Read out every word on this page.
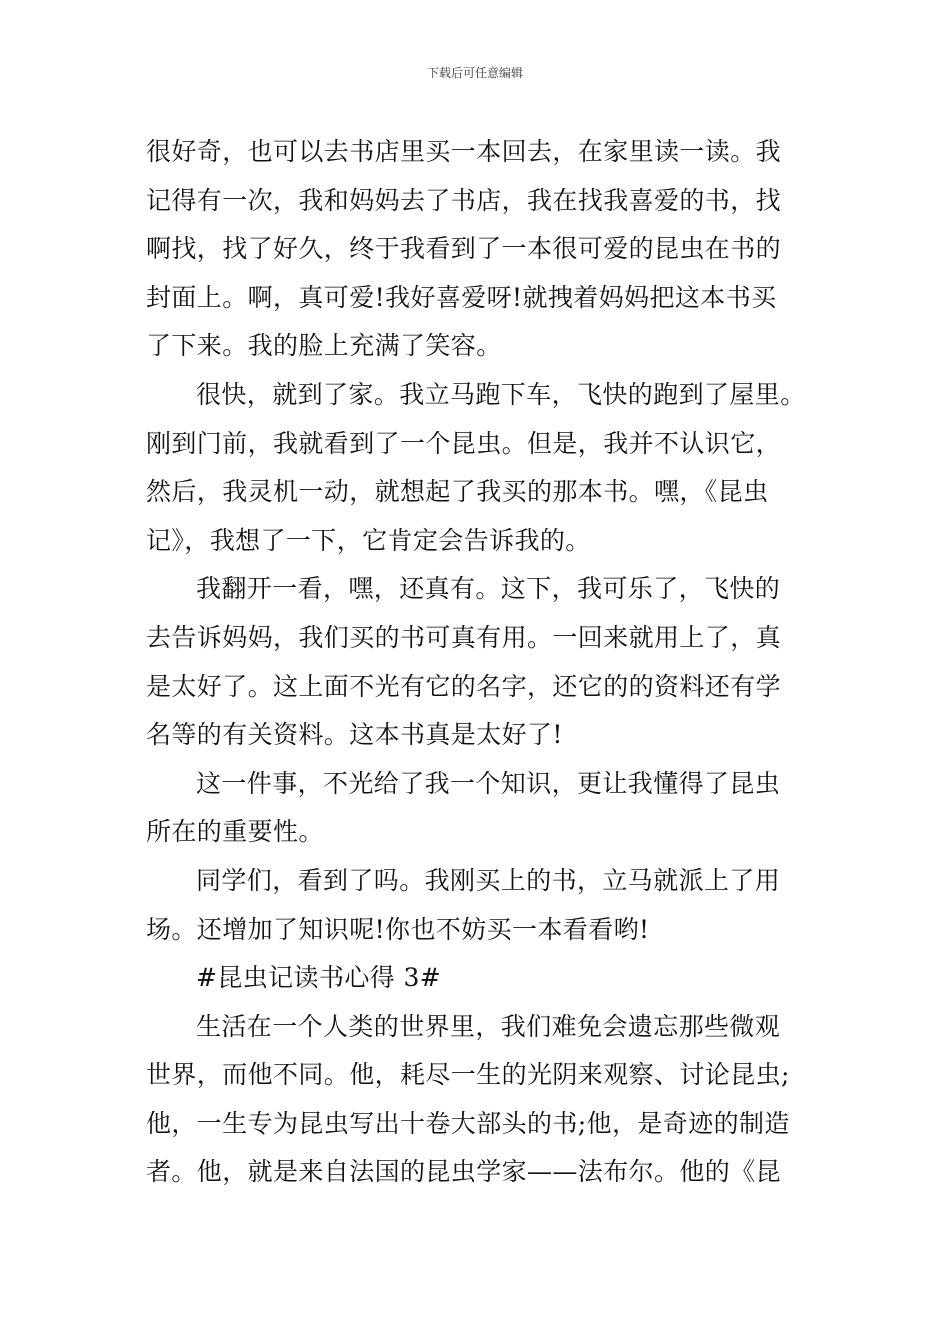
下载后可任意编辑

很好奇，也可以去书店里买一本回去，在家里读一读。我
记得有一次，我和妈妈去了书店，我在找我喜爱的书，找
啊找，找了好久，终于我看到了一本很可爱的昆虫在书的
封面上。啊，真可爱!我好喜爱呀!就拽着妈妈把这本书买
了下来。我的脸上充满了笑容。

很快，就到了家。我立马跑下车，飞快的跑到了屋里。
刚到门前，我就看到了一个昆虫。但是，我并不认识它，
然后，我灵机一动，就想起了我买的那本书。嘿，《昆虫
记》，我想了一下，它肯定会告诉我的。

我翻开一看，嘿，还真有。这下，我可乐了，飞快的
去告诉妈妈，我们买的书可真有用。一回来就用上了，真
是太好了。这上面不光有它的名字，还它的的资料还有学
名等的有关资料。这本书真是太好了!

这一件事，不光给了我一个知识，更让我懂得了昆虫
所在的重要性。

同学们，看到了吗。我刚买上的书，立马就派上了用
场。还增加了知识呢!你也不妨买一本看看哟!

#昆虫记读书心得 3#

生活在一个人类的世界里，我们难免会遗忘那些微观
世界，而他不同。他，耗尽一生的光阴来观察、讨论昆虫;
他，一生专为昆虫写出十卷大部头的书;他，是奇迹的制造
者。他，就是来自法国的昆虫学家——法布尔。他的《昆
